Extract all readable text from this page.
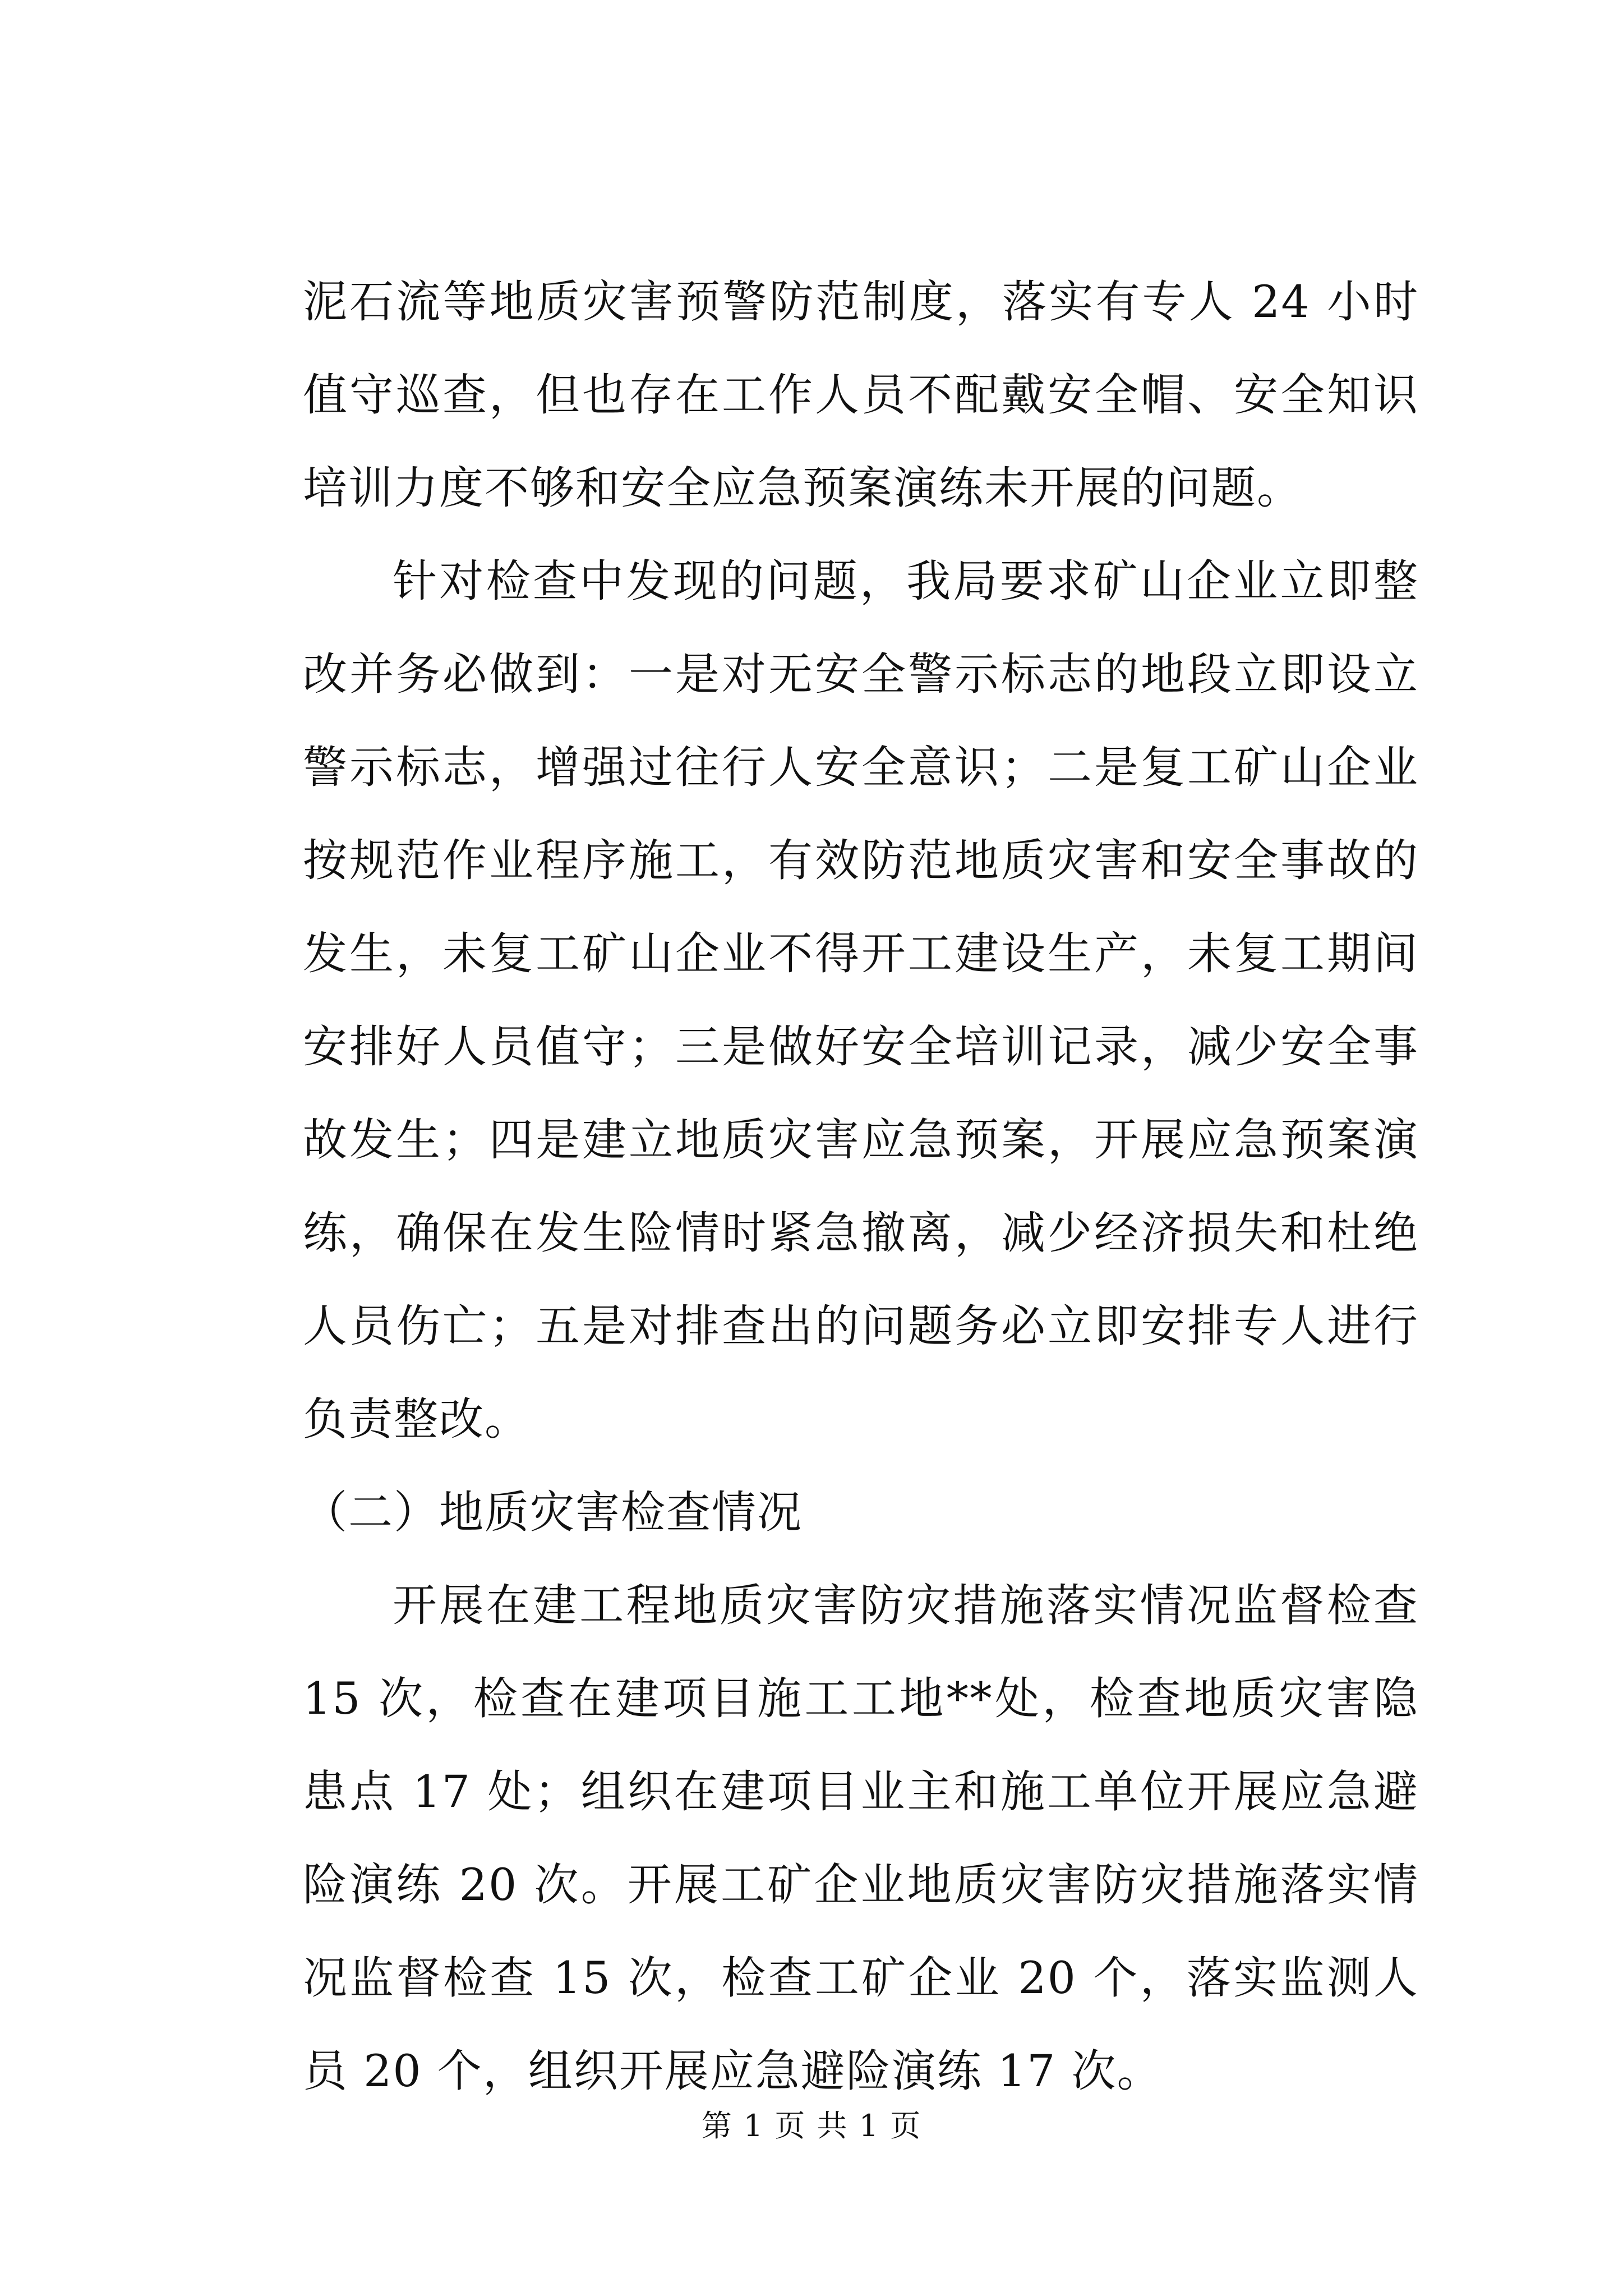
泥石流等地质灾害预警防范制度，落实有专人 24 小时值守巡查，但也存在工作人员不配戴安全帽、安全知识培训力度不够和安全应急预案演练未开展的问题。

针对检查中发现的问题，我局要求矿山企业立即整改并务必做到：一是对无安全警示标志的地段立即设立警示标志，增强过往行人安全意识；二是复工矿山企业按规范作业程序施工，有效防范地质灾害和安全事故的发生，未复工矿山企业不得开工建设生产，未复工期间安排好人员值守；三是做好安全培训记录，减少安全事故发生；四是建立地质灾害应急预案，开展应急预案演练，确保在发生险情时紧急撤离，减少经济损失和杜绝人员伤亡；五是对排查出的问题务必立即安排专人进行负责整改。

（二）地质灾害检查情况

开展在建工程地质灾害防灾措施落实情况监督检查 15 次，检查在建项目施工工地**处，检查地质灾害隐患点 17 处；组织在建项目业主和施工单位开展应急避险演练 20 次。开展工矿企业地质灾害防灾措施落实情况监督检查 15 次，检查工矿企业 20 个，落实监测人员 20 个，组织开展应急避险演练 17 次。

第 1 页 共 1 页
